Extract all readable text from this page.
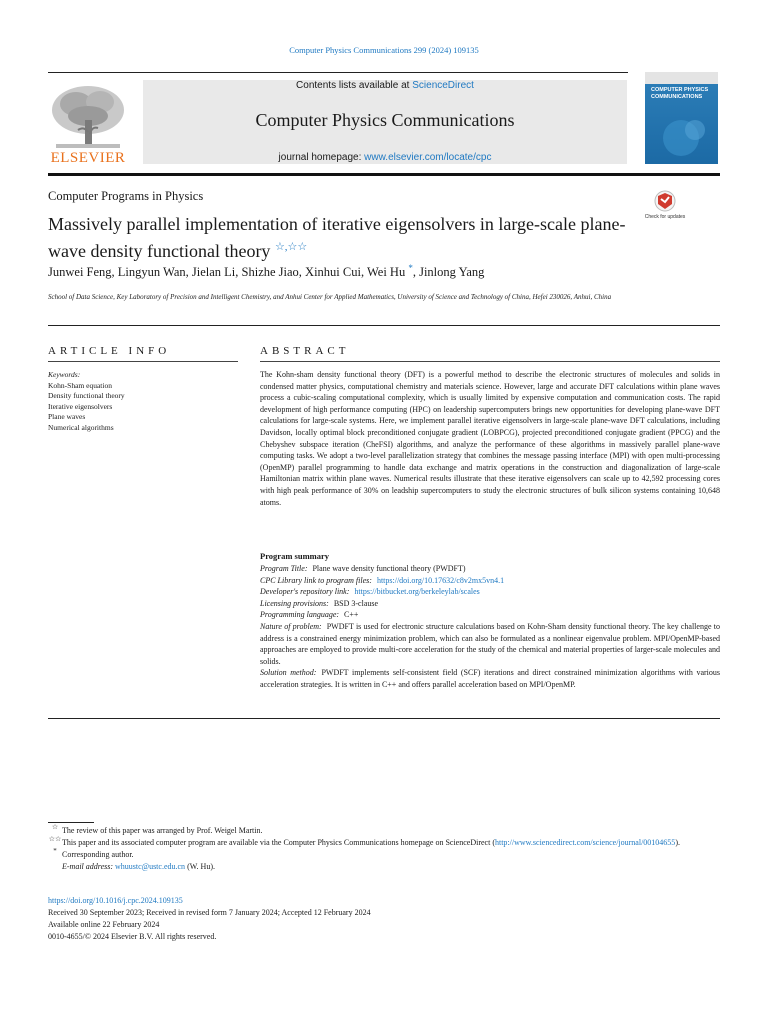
Computer Physics Communications 299 (2024) 109135
ELSEVIER
Contents lists available at ScienceDirect
Computer Physics Communications
journal homepage: www.elsevier.com/locate/cpc
COMPUTER PHYSICS
COMMUNICATIONS
Computer Programs in Physics
Massively parallel implementation of iterative eigensolvers in large-scale plane-wave density functional theory ☆,☆☆
Check for updates
Junwei Feng, Lingyun Wan, Jielan Li, Shizhe Jiao, Xinhui Cui, Wei Hu *, Jinlong Yang
School of Data Science, Key Laboratory of Precision and Intelligent Chemistry, and Anhui Center for Applied Mathematics, University of Science and Technology of China, Hefei 230026, Anhui, China
ARTICLE INFO
Keywords:
Kohn-Sham equation
Density functional theory
Iterative eigensolvers
Plane waves
Numerical algorithms
ABSTRACT

The Kohn-sham density functional theory (DFT) is a powerful method to describe the electronic structures of molecules and solids in condensed matter physics, computational chemistry and materials science. However, large and accurate DFT calculations within plane waves process a cubic-scaling computational complexity, which is usually limited by expensive computation and communication costs. The rapid development of high performance computing (HPC) on leadership supercomputers brings new opportunities for developing plane-wave DFT calculations for large-scale systems. Here, we implement parallel iterative eigensolvers in large-scale plane-wave DFT calculations, including Davidson, locally optimal block preconditioned conjugate gradient (LOBPCG), projected preconditioned conjugate gradient (PPCG) and the Chebyshev subspace iteration (CheFSI) algorithms, and analyze the performance of these algorithms in massively parallel plane-wave computing tasks. We adopt a two-level parallelization strategy that combines the message passing interface (MPI) with open multi-processing (OpenMP) parallel programming to handle data exchange and matrix operations in the construction and diagonalization of large-scale Hamiltonian matrix within plane waves. Numerical results illustrate that these iterative eigensolvers can scale up to 42,592 processing cores with high peak performance of 30% on leadship supercomputers to study the electronic structures of bulk silicon systems containing 10,648 atoms.

Program summary

Program Title: Plane wave density functional theory (PWDFT)

CPC Library link to program files: https://doi.org/10.17632/c8v2mx5vn4.1

Developer's repository link: https://bitbucket.org/berkeleylab/scales

Licensing provisions: BSD 3-clause

Programming language: C++

Nature of problem: PWDFT is used for electronic structure calculations based on Kohn-Sham density functional theory. The key challenge to address is a constrained energy minimization problem, which can also be formulated as a nonlinear eigenvalue problem. MPI/OpenMP-based approaches are employed to provide multi-core acceleration for the study of the chemical and material properties of larger-scale molecules and solids.

Solution method: PWDFT implements self-consistent field (SCF) iterations and direct constrained minimization algorithms with various acceleration strategies. It is written in C++ and offers parallel acceleration based on MPI/OpenMP.

☆ The review of this paper was arranged by Prof. Weigel Martin.

☆☆This paper and its associated computer program are available via the Computer Physics Communications homepage on ScienceDirect (http://www.sciencedirect.com/science/journal/00104655).

* Corresponding author.

E-mail address: whuustc@ustc.edu.cn (W. Hu).

https://doi.org/10.1016/j.cpc.2024.109135

Received 30 September 2023; Received in revised form 7 January 2024; Accepted 12 February 2024

Available online 22 February 2024

0010-4655/© 2024 Elsevier B.V. All rights reserved.
